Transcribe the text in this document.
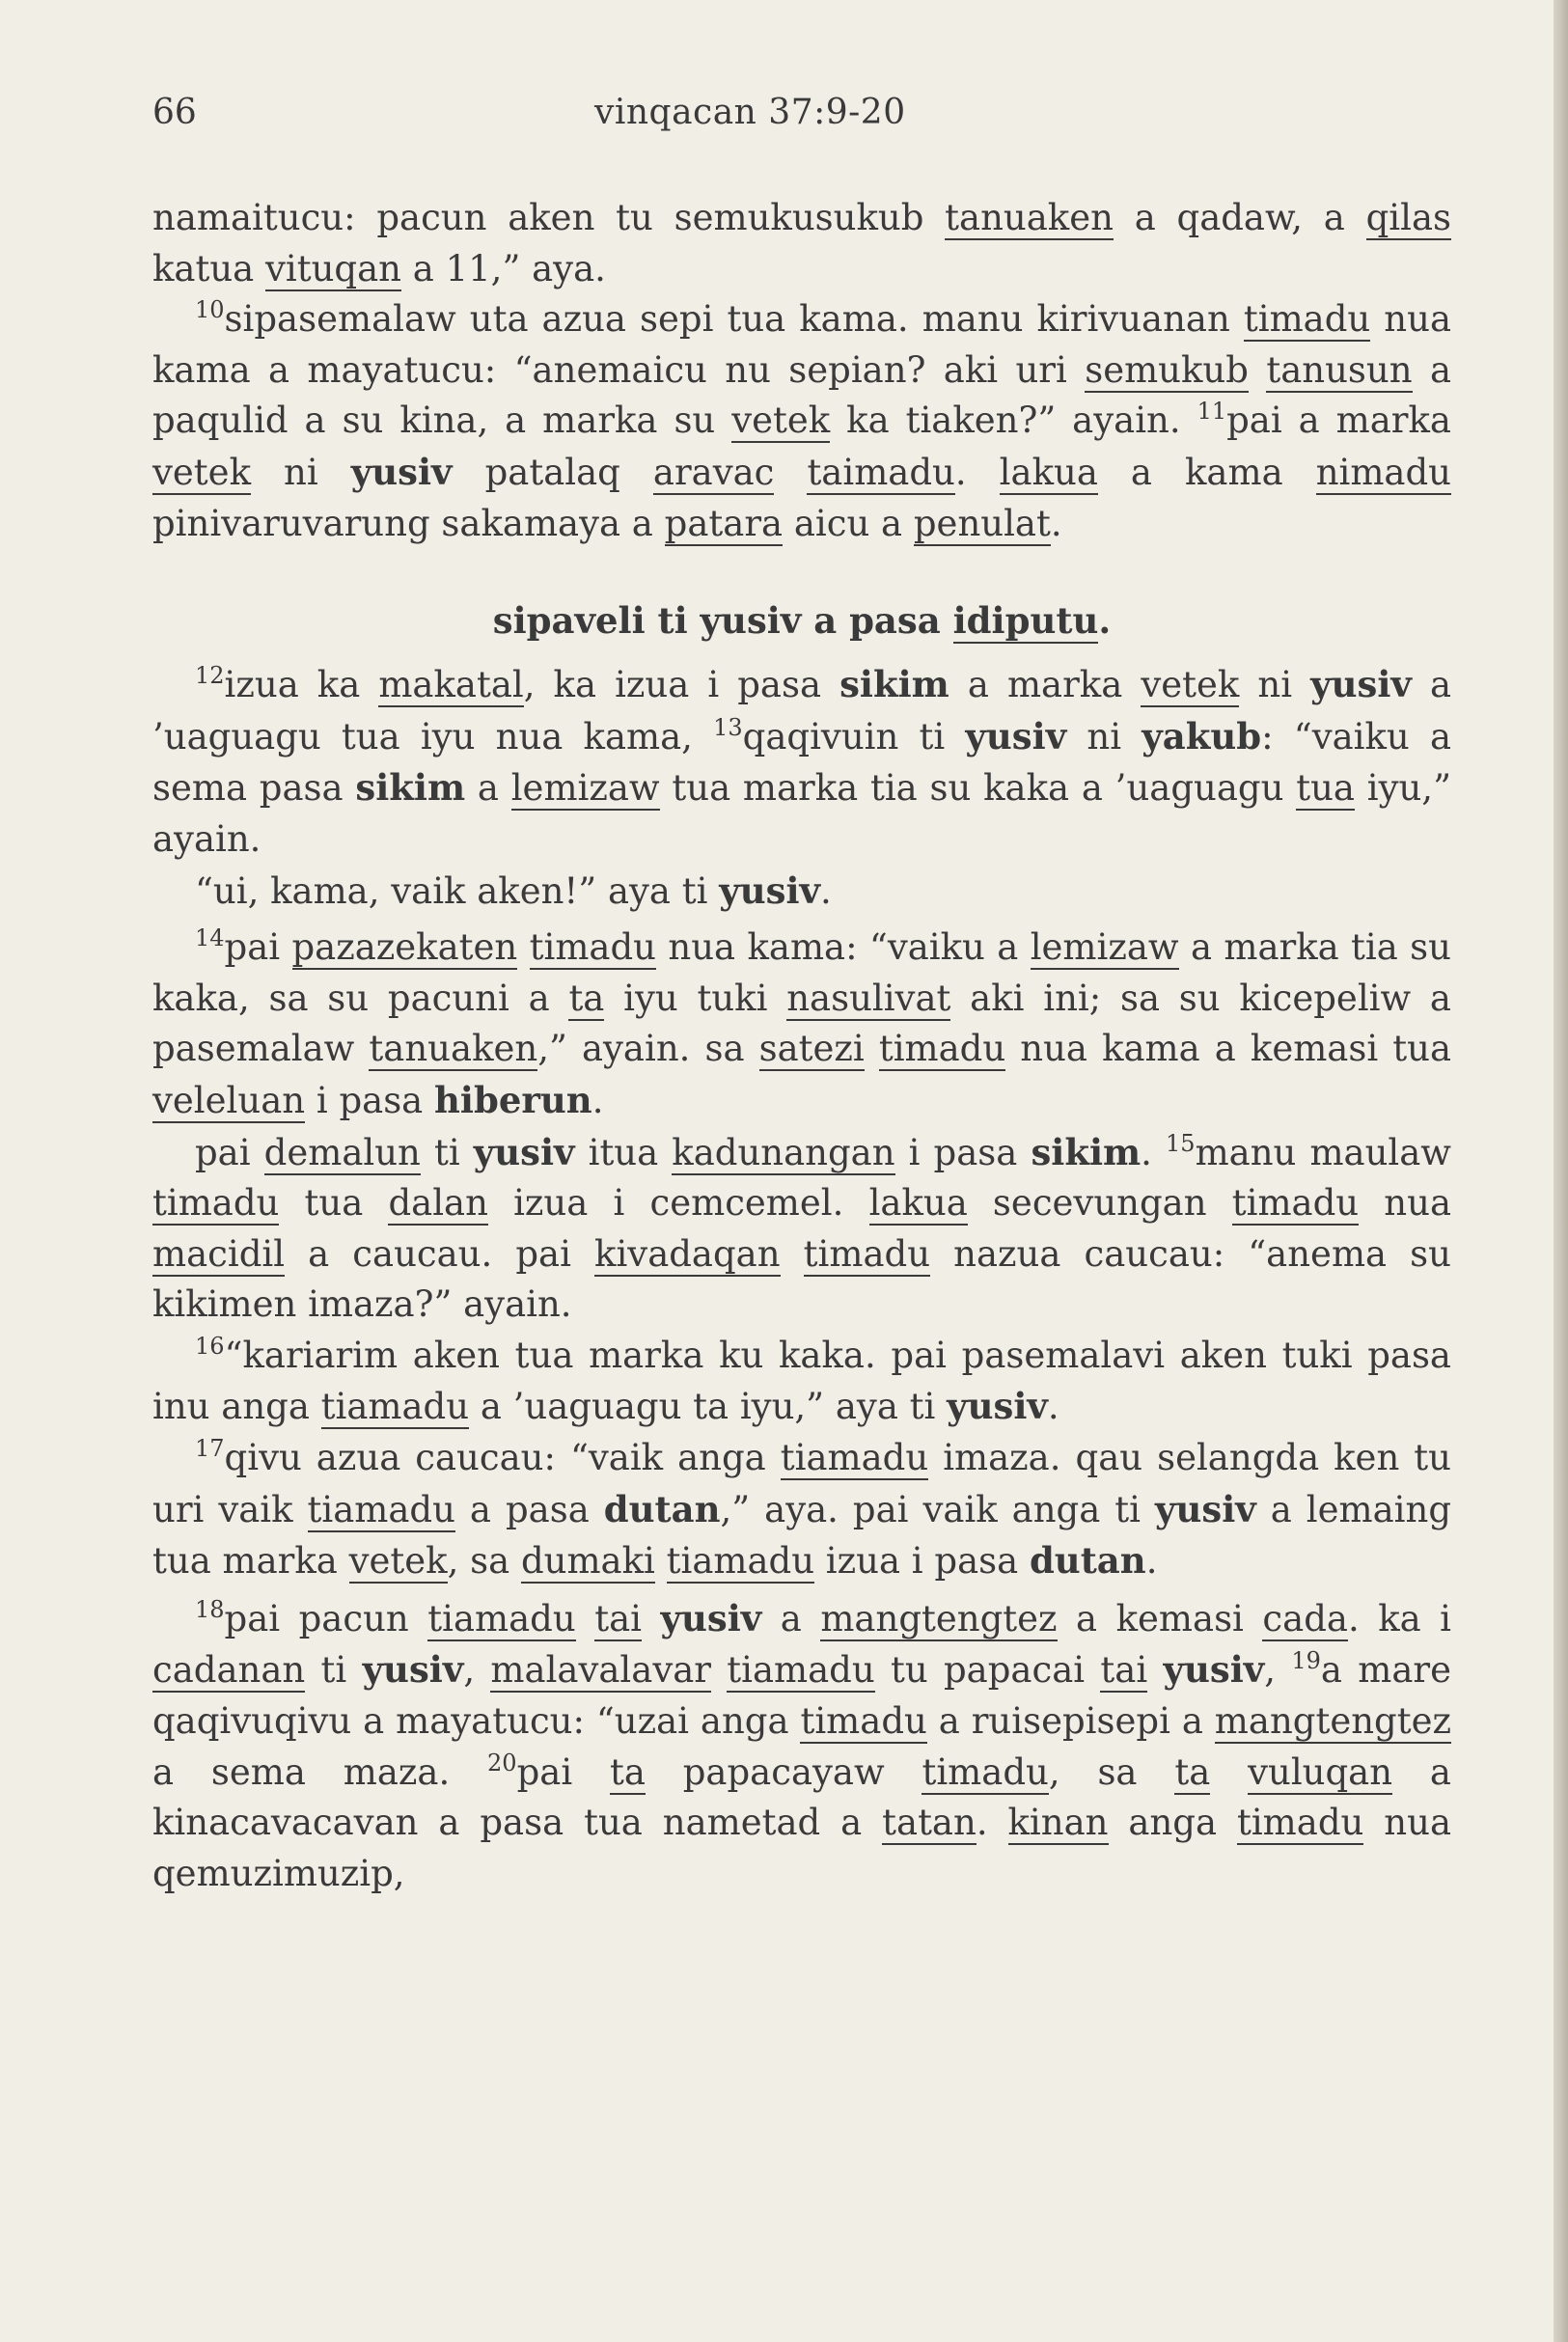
66	vinqacan 37:9-20

namaitucu: pacun aken tu semukusukub tanuaken a qadaw, a qilas katua vituqan a 11,” aya.

$^{10}$sipasemalaw uta azua sepi tua kama. manu kirivuanan timadu nua kama a mayatucu: “anemaicu nu sepian? aki uri semukub tanusun a paqulid a su kina, a marka su vetek ka tiaken?” ayain. $^{11}$pai a marka vetek ni yusiv patalaq aravac taimadu. lakua a kama nimadu pinivaruvarung sakamaya a patara aicu a penulat.

sipaveli ti yusiv a pasa idiputu.

$^{12}$izua ka makatal, ka izua i pasa sikim a marka vetek ni yusiv a ’uaguagu tua iyu nua kama, $^{13}$qaqivuin ti yusiv ni yakub: “vaiku a sema pasa sikim a lemizaw tua marka tia su kaka a ’uaguagu tua iyu,” ayain.

“ui, kama, vaik aken!” aya ti yusiv.

$^{14}$pai pazazekaten timadu nua kama: “vaiku a lemizaw a marka tia su kaka, sa su pacuni a ta iyu tuki nasulivat aki ini; sa su kicepeliw a pasemalaw tanuaken,” ayain. sa satezi timadu nua kama a kemasi tua veleluan i pasa hiberun.

pai demalun ti yusiv itua kadunangan i pasa sikim. $^{15}$manu maulaw timadu tua dalan izua i cemcemel. lakua secevungan timadu nua macidil a caucau. pai kivadaqan timadu nazua caucau: “anema su kikimen imaza?” ayain.

$^{16}$“kariarim aken tua marka ku kaka. pai pasemalavi aken tuki pasa inu anga tiamadu a ’uaguagu ta iyu,” aya ti yusiv.

$^{17}$qivu azua caucau: “vaik anga tiamadu imaza. qau selangda ken tu uri vaik tiamadu a pasa dutan,” aya. pai vaik anga ti yusiv a lemaing tua marka vetek, sa dumaki tiamadu izua i pasa dutan.

$^{18}$pai pacun tiamadu tai yusiv a mangtengtez a kemasi cada. ka i cadanan ti yusiv, malavalavar tiamadu tu papacai tai yusiv, $^{19}$a mare qaqivuqivu a mayatucu: “uzai anga timadu a ruisepisepi a mangtengtez a sema maza. $^{20}$pai ta papacayaw timadu, sa ta vuluqan a kinacavacavan a pasa tua nametad a tatan. kinan anga timadu nua qemuzimuzip,
